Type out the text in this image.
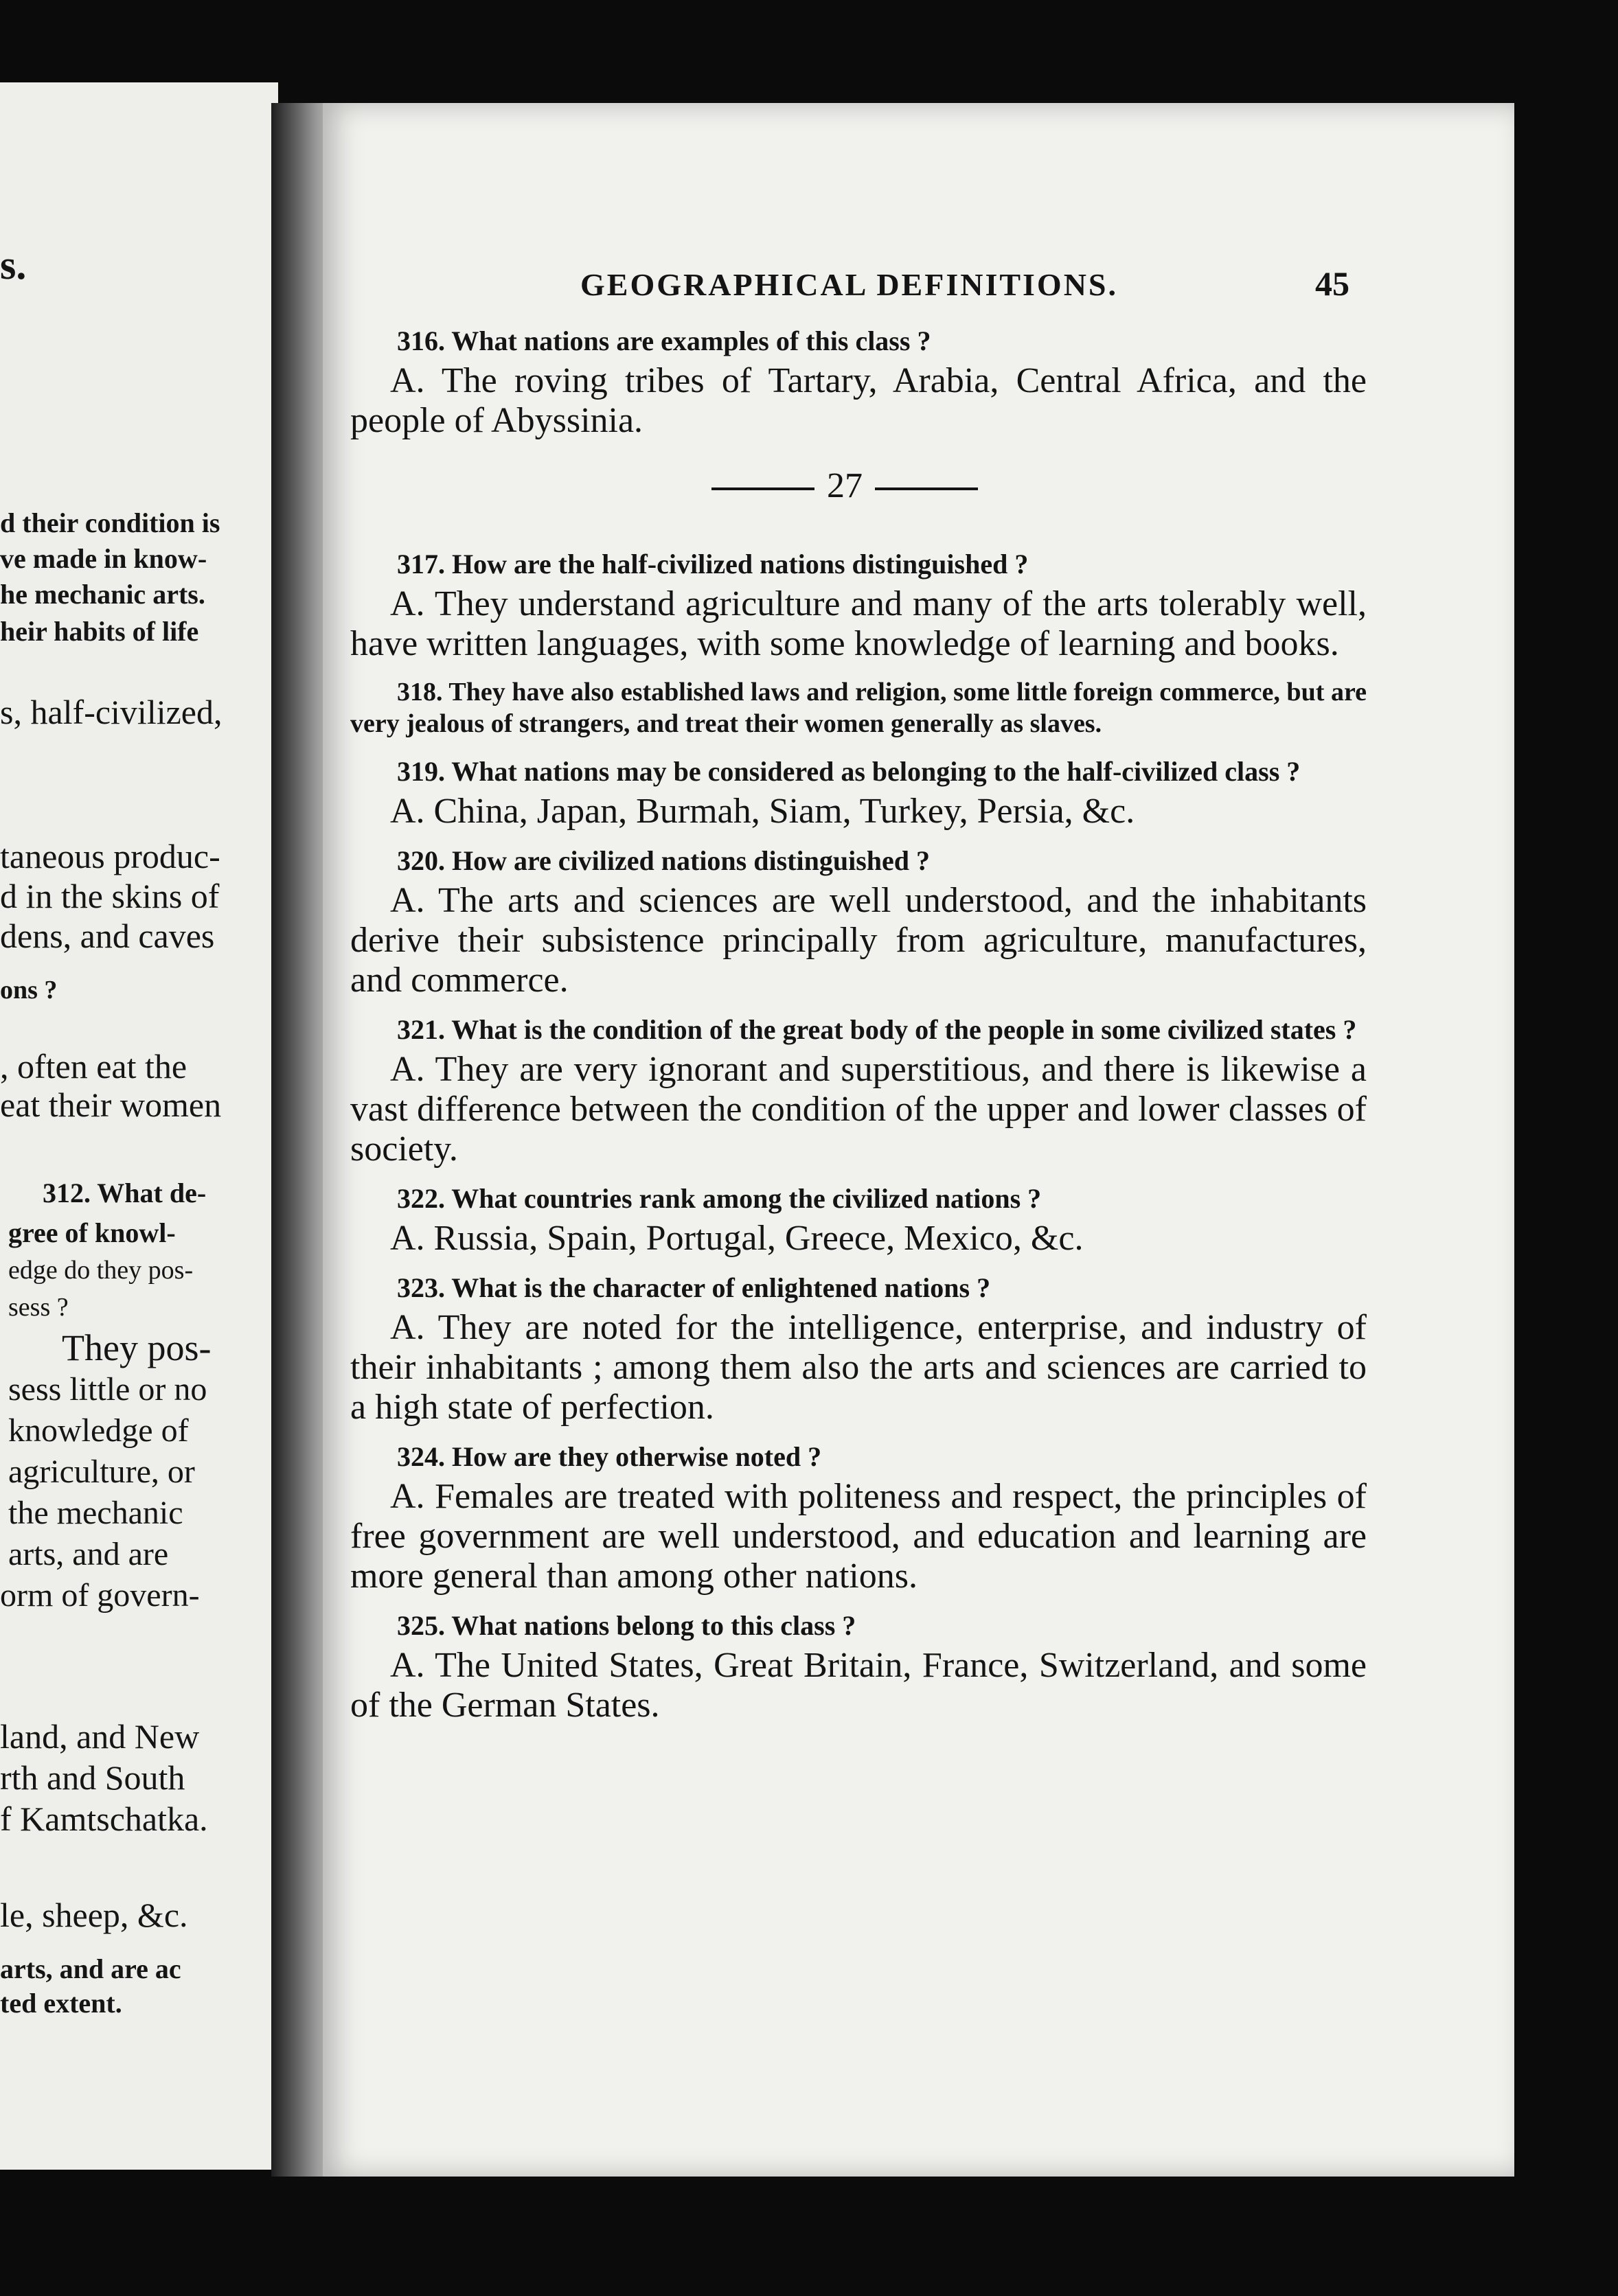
s.
d their condition is
ve made in know-
he mechanic arts.
heir habits of life
s, half-civilized,
taneous produc-
d in the skins of
dens, and caves
ons ?
, often eat the
eat their women
312. What de-
gree of knowl-
edge do they pos-
sess ?
They pos-
sess little or no
knowledge of
agriculture, or
the mechanic
arts, and are
orm of govern-
land, and New
rth and South
f Kamtschatka.
le, sheep, &c.
arts, and are ac
ted extent.
GEOGRAPHICAL DEFINITIONS.	45

316. What nations are examples of this class ?

A. The roving tribes of Tartary, Arabia, Central Africa, and the people of Abyssinia.

27

317. How are the half-civilized nations distinguished ?

A. They understand agriculture and many of the arts tolerably well, have written languages, with some knowledge of learning and books.

318. They have also established laws and religion, some little foreign commerce, but are very jealous of strangers, and treat their women generally as slaves.

319. What nations may be considered as belonging to the half-civilized class ?

A. China, Japan, Burmah, Siam, Turkey, Persia, &c.

320. How are civilized nations distinguished ?

A. The arts and sciences are well understood, and the inhabitants derive their subsistence principally from agriculture, manufactures, and commerce.

321. What is the condition of the great body of the people in some civilized states ?

A. They are very ignorant and superstitious, and there is likewise a vast difference between the condition of the upper and lower classes of society.

322. What countries rank among the civilized nations ?

A. Russia, Spain, Portugal, Greece, Mexico, &c.

323. What is the character of enlightened nations ?

A. They are noted for the intelligence, enterprise, and industry of their inhabitants ; among them also the arts and sciences are carried to a high state of perfection.

324. How are they otherwise noted ?

A. Females are treated with politeness and respect, the principles of free government are well understood, and education and learning are more general than among other nations.

325. What nations belong to this class ?

A. The United States, Great Britain, France, Switzerland, and some of the German States.
